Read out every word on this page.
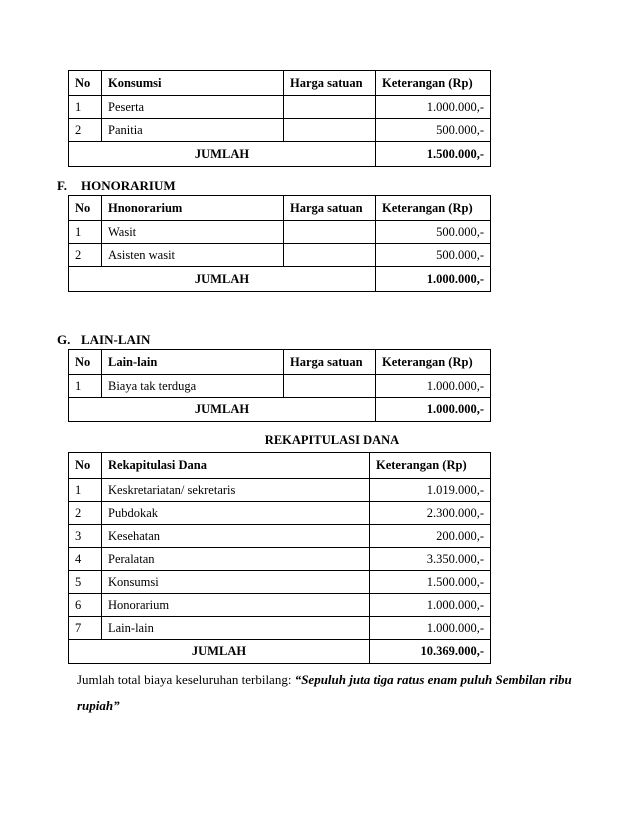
No	Konsumsi	Harga satuan	Keterangan (Rp)
1	Peserta		1.000.000,-
2	Panitia		500.000,-
JUMLAH			1.500.000,-
F. HONORARIUM
No	Hnonorarium	Harga satuan	Keterangan (Rp)
1	Wasit		500.000,-
2	Asisten wasit		500.000,-
JUMLAH			1.000.000,-
G. LAIN-LAIN
No	Lain-lain	Harga satuan	Keterangan (Rp)
1	Biaya tak terduga		1.000.000,-
JUMLAH			1.000.000,-
REKAPITULASI DANA
No	Rekapitulasi Dana	Keterangan (Rp)
1	Keskretariatan/ sekretaris	1.019.000,-
2	Pubdokak	2.300.000,-
3	Kesehatan	200.000,-
4	Peralatan	3.350.000,-
5	Konsumsi	1.500.000,-
6	Honorarium	1.000.000,-
7	Lain-lain	1.000.000,-
JUMLAH		10.369.000,-
Jumlah total biaya keseluruhan terbilang: “Sepuluh juta tiga ratus enam puluh Sembilan ribu rupiah”
